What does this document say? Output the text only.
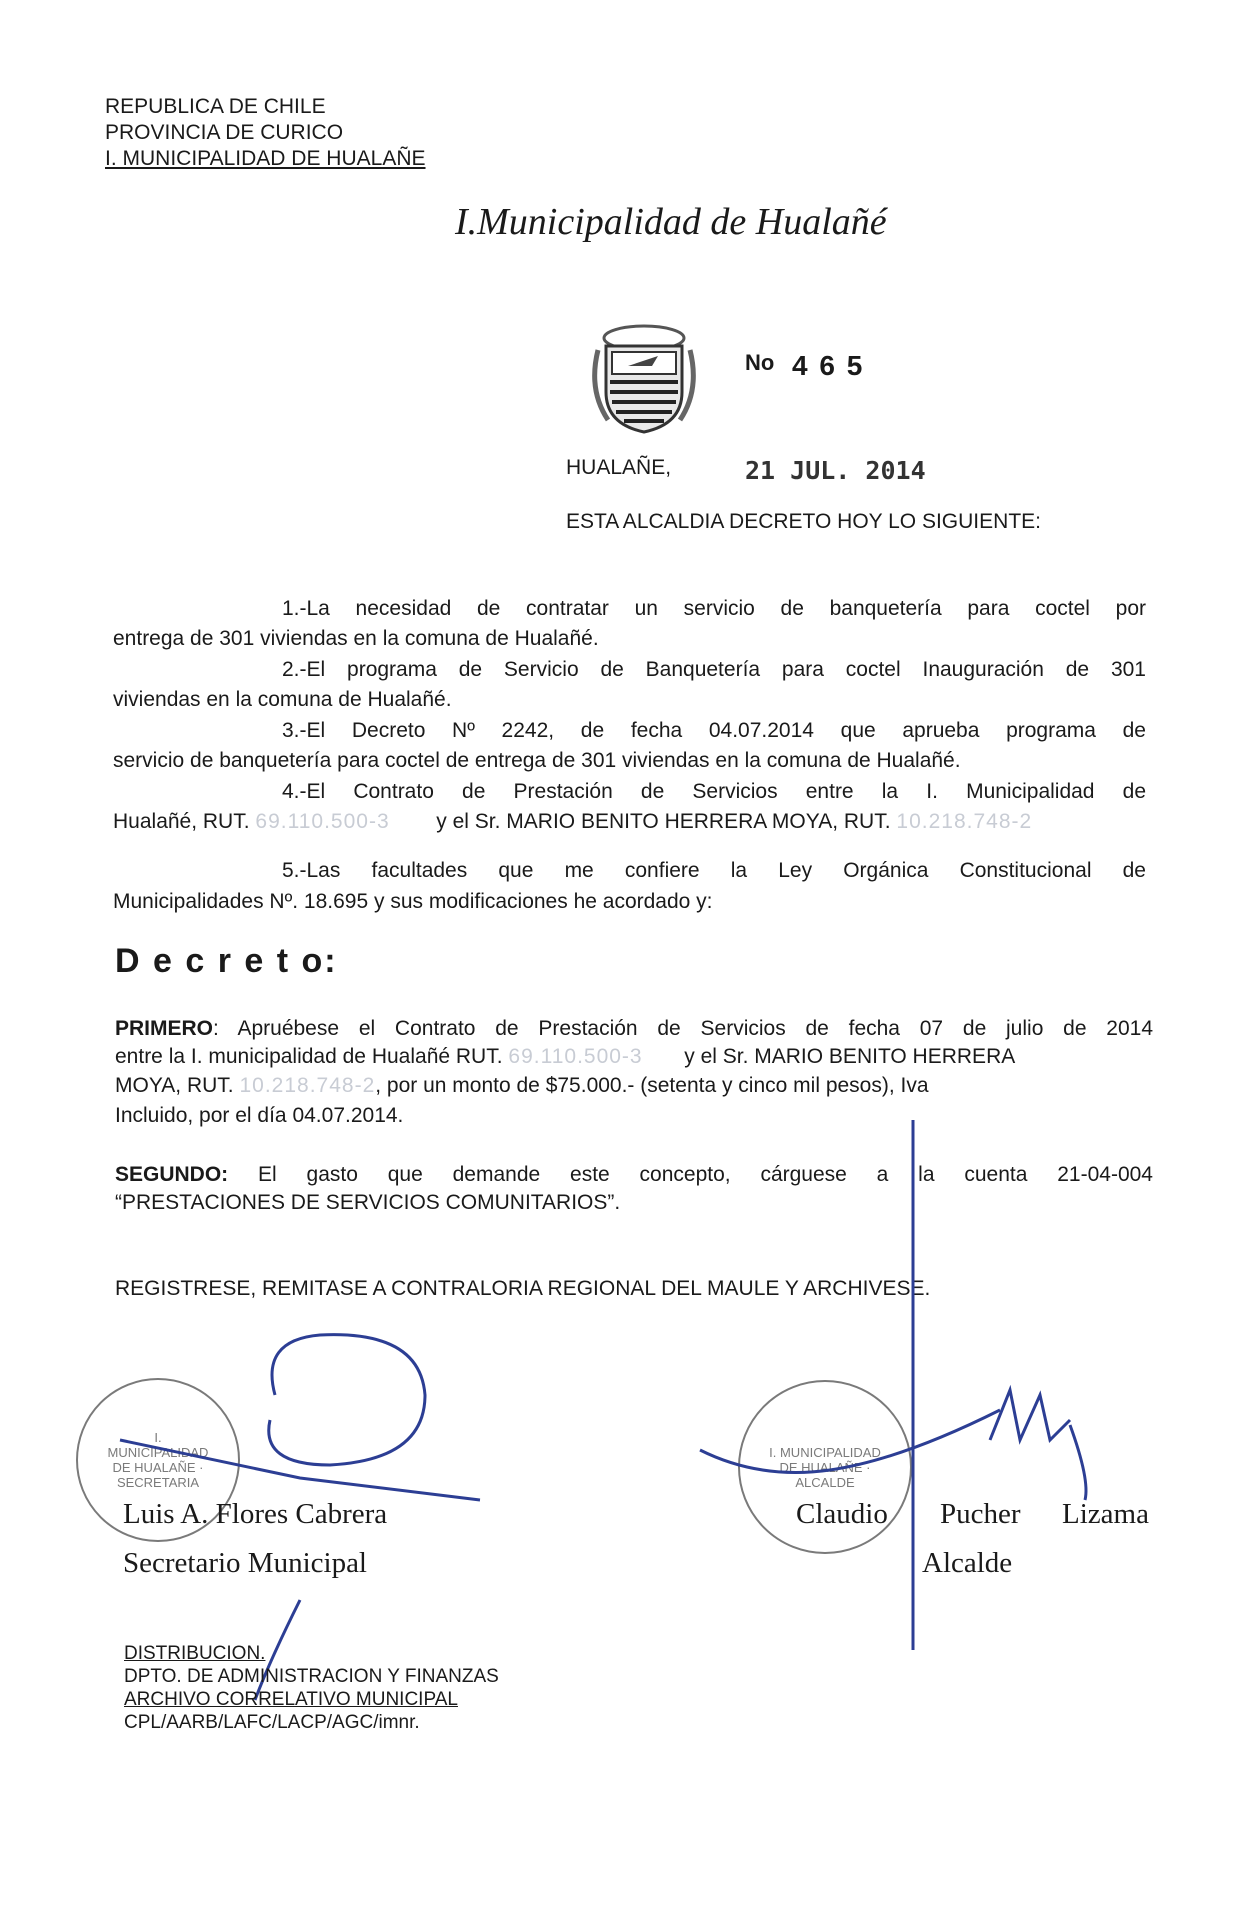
REPUBLICA DE CHILE
PROVINCIA DE CURICO
I. MUNICIPALIDAD DE HUALAÑE
I.Municipalidad de Hualañé
No 4 6 5
HUALAÑE,	21 JUL. 2014
ESTA ALCALDIA DECRETO HOY LO SIGUIENTE:
1.-La necesidad de contratar un servicio de banquetería para coctel por
entrega de 301 viviendas en la comuna de Hualañé.
2.-El programa de Servicio de Banquetería para coctel Inauguración de 301
viviendas en la comuna de Hualañé.
3.-El Decreto Nº 2242, de fecha 04.07.2014 que aprueba programa de
servicio de banquetería para coctel de entrega de 301 viviendas en la comuna de Hualañé.
4.-El Contrato de Prestación de Servicios entre la I. Municipalidad de
Hualañé, RUT. 69.110.500-3 y el Sr. MARIO BENITO HERRERA MOYA, RUT. 10.218.748-2
5.-Las facultades que me confiere la Ley Orgánica Constitucional de
Municipalidades Nº. 18.695 y sus modificaciones he acordado y:
D e c r e t o:
PRIMERO: Apruébese el Contrato de Prestación de Servicios de fecha 07 de julio de 2014
entre la I. municipalidad de Hualañé RUT. 69.110.500-3 y el Sr. MARIO BENITO HERRERA
MOYA, RUT. 10.218.748-2, por un monto de $75.000.- (setenta y cinco mil pesos), Iva
Incluido, por el día 04.07.2014.
SEGUNDO: El gasto que demande este concepto, cárguese a la cuenta 21-04-004
“PRESTACIONES DE SERVICIOS COMUNITARIOS”.
REGISTRESE, REMITASE A CONTRALORIA REGIONAL DEL MAULE Y ARCHIVESE.
I. MUNICIPALIDAD DE HUALAÑE · SECRETARIA
I. MUNICIPALIDAD DE HUALAÑE · ALCALDE
Luis A. Flores Cabrera
Secretario Municipal
Claudio Pucher Lizama
Alcalde
DISTRIBUCION.
DPTO. DE ADMINISTRACION Y FINANZAS
ARCHIVO CORRELATIVO MUNICIPAL
CPL/AARB/LAFC/LACP/AGC/imnr.
